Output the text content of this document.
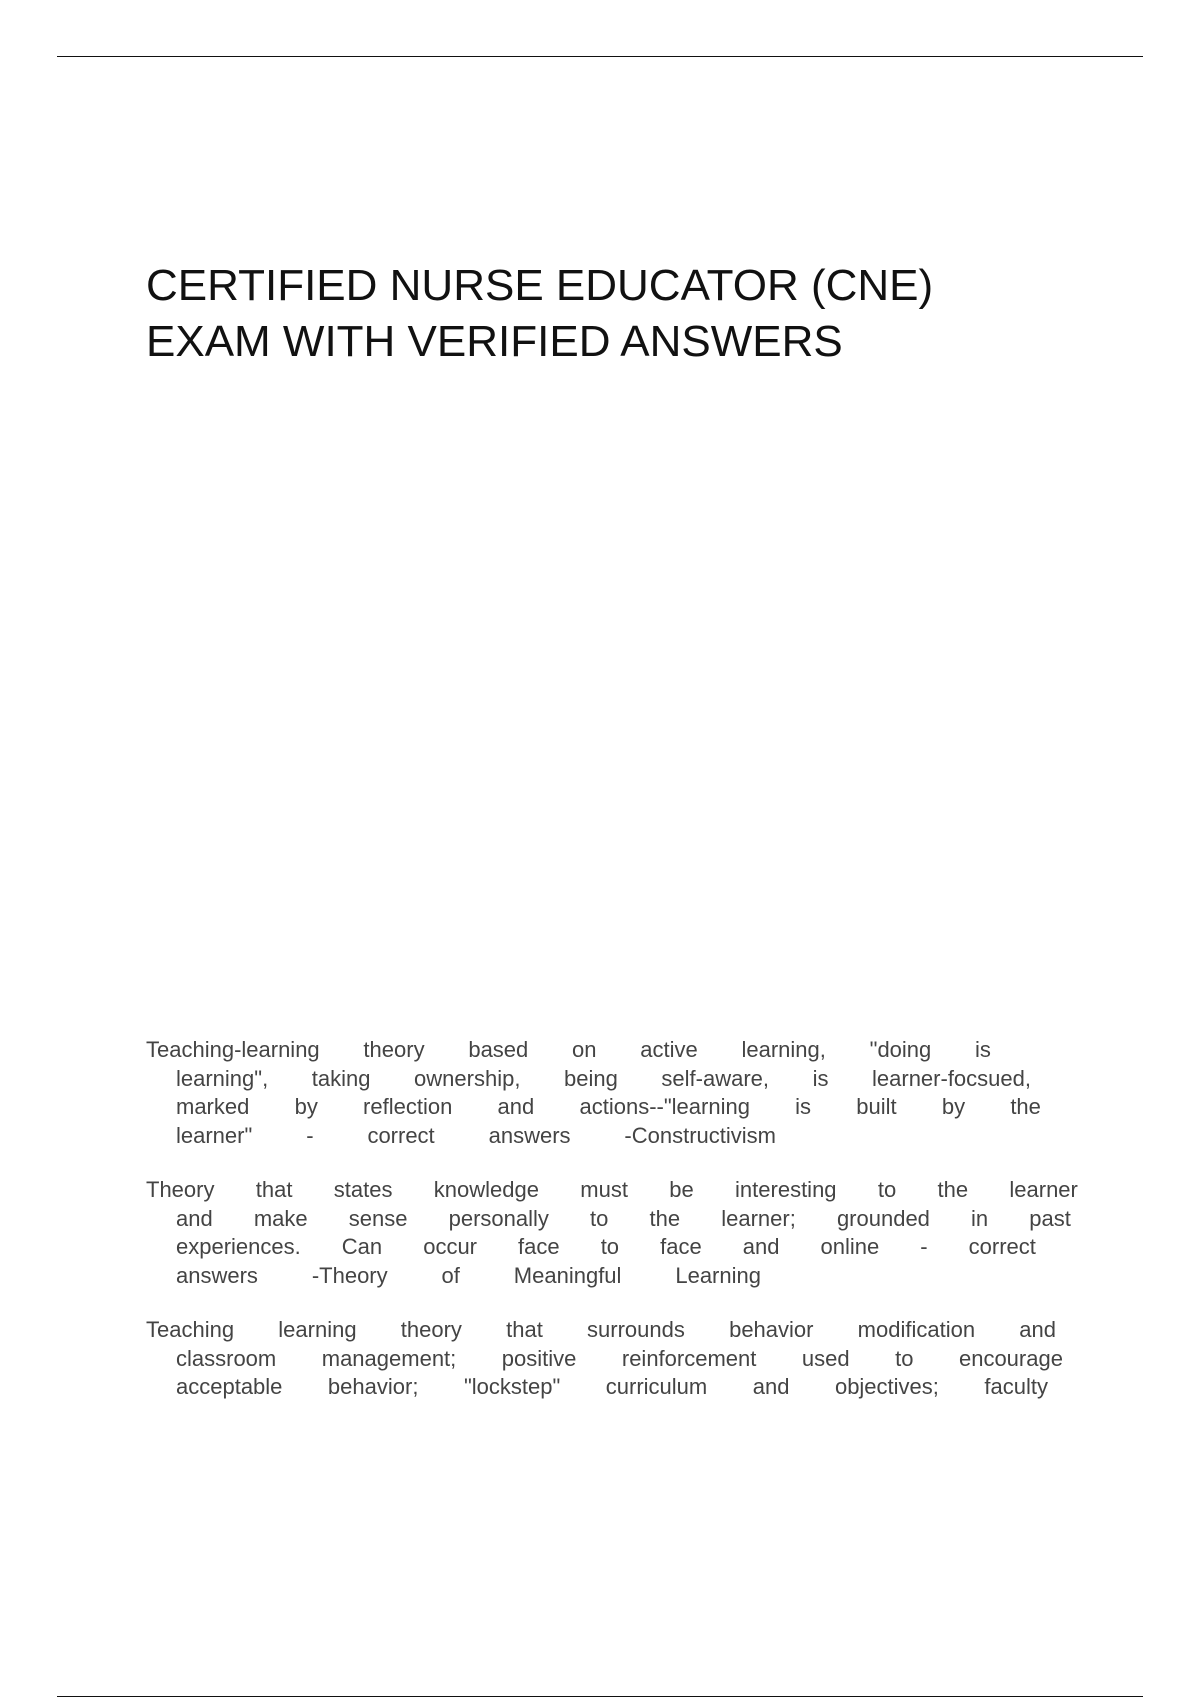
CERTIFIED NURSE EDUCATOR (CNE)
EXAM WITH VERIFIED ANSWERS
Teaching-learning theory based on active learning, "doing is
learning", taking ownership, being self-aware, is learner-focsued,
marked by reflection and actions--"learning is built by the
learner" - correct answers -Constructivism
Theory that states knowledge must be interesting to the learner
and make sense personally to the learner; grounded in past
experiences. Can occur face to face and online - correct
answers -Theory of Meaningful Learning
Teaching learning theory that surrounds behavior modification and
classroom management; positive reinforcement used to encourage
acceptable behavior; "lockstep" curriculum and objectives; faculty
